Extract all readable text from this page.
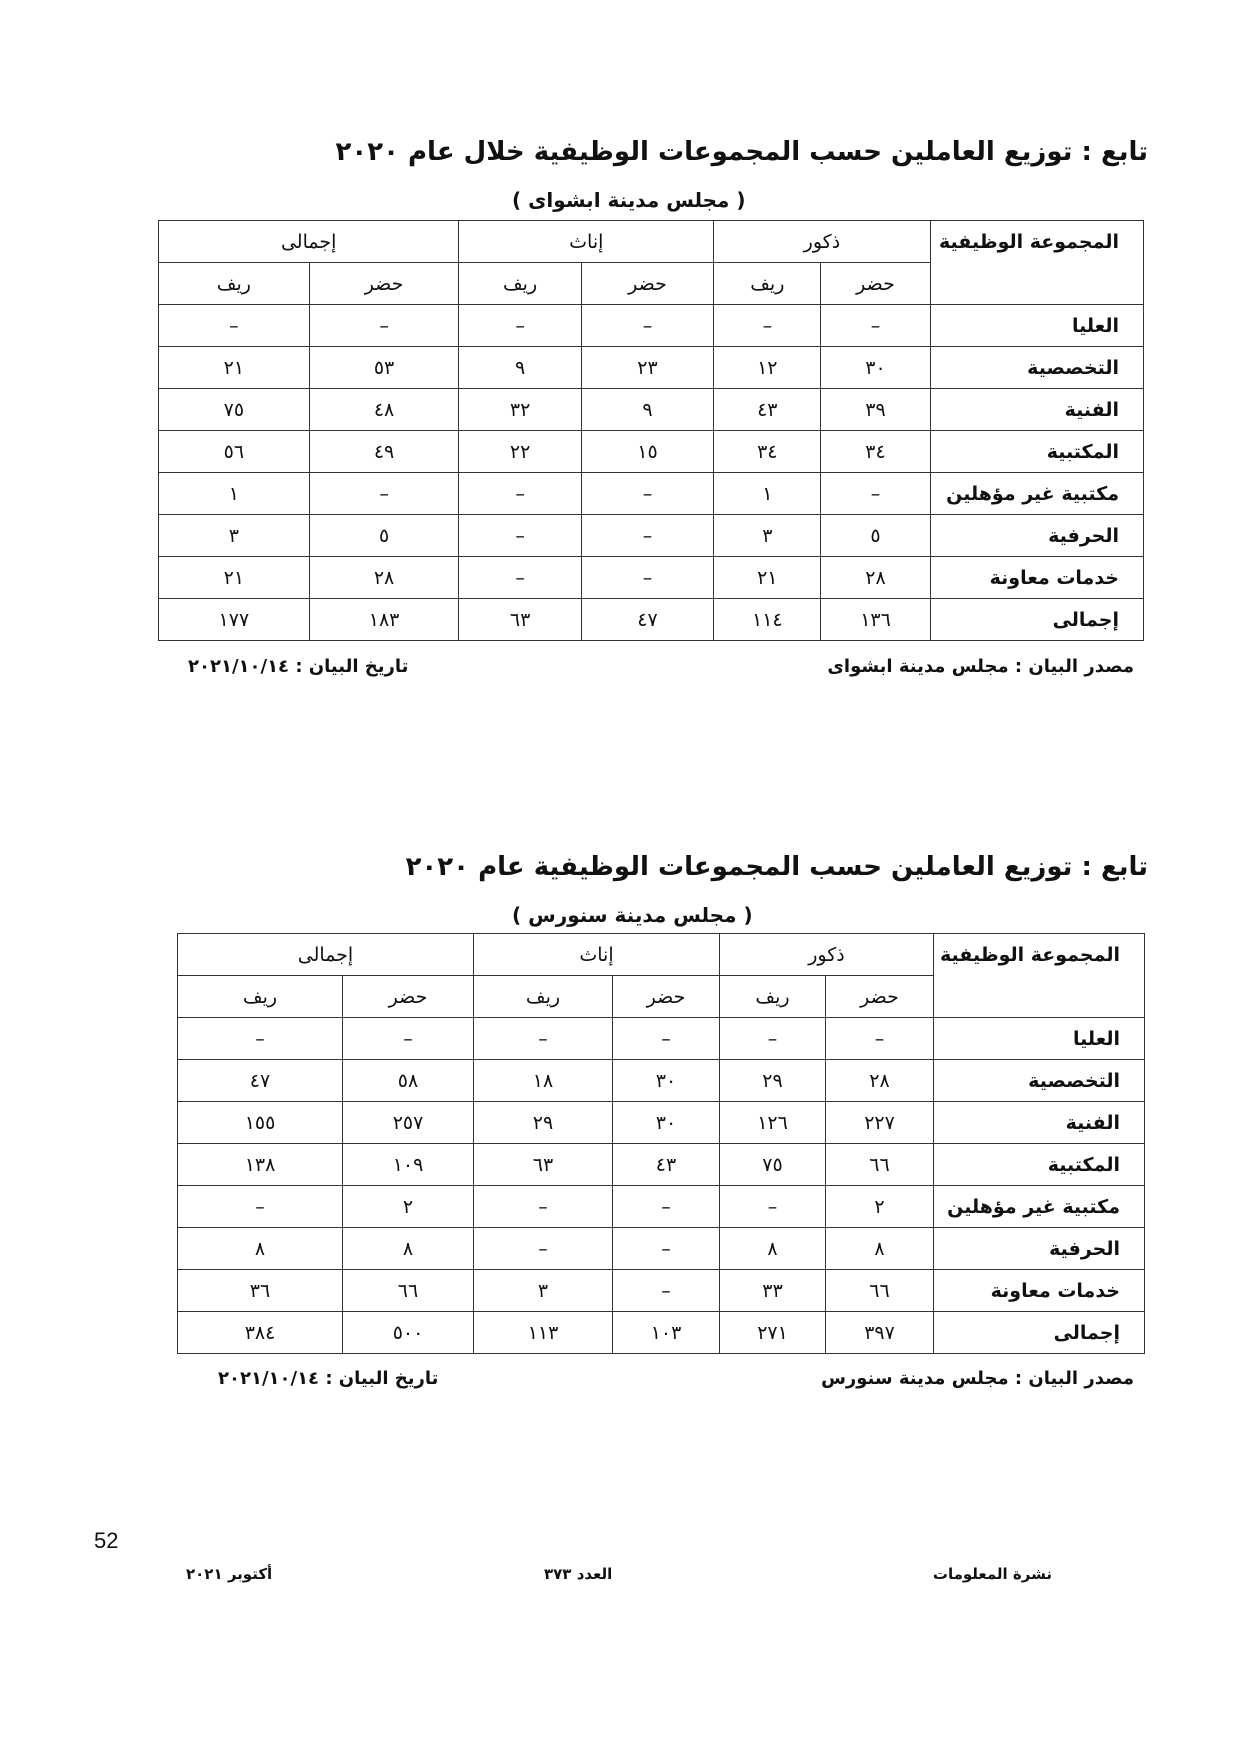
تابع : توزيع العاملين حسب المجموعات الوظيفية خلال عام ٢٠٢٠
( مجلس مدينة ابشواى )
المجموعة الوظيفية	ذكور		إناث		إجمالى	
	حضر	ريف	حضر	ريف	حضر	ريف
العليا	–	–	–	–	–	–
التخصصية	٣٠	١٢	٢٣	٩	٥٣	٢١
الفنية	٣٩	٤٣	٩	٣٢	٤٨	٧٥
المكتبية	٣٤	٣٤	١٥	٢٢	٤٩	٥٦
مكتبية غير مؤهلين	–	١	–	–	–	١
الحرفية	٥	٣	–	–	٥	٣
خدمات معاونة	٢٨	٢١	–	–	٢٨	٢١
إجمالى	١٣٦	١١٤	٤٧	٦٣	١٨٣	١٧٧
مصدر البيان : مجلس مدينة ابشواى
تاريخ البيان : ٢٠٢١/١٠/١٤
تابع : توزيع العاملين حسب المجموعات الوظيفية عام ٢٠٢٠
( مجلس مدينة سنورس )
المجموعة الوظيفية	ذكور		إناث		إجمالى	
	حضر	ريف	حضر	ريف	حضر	ريف
العليا	–	–	–	–	–	–
التخصصية	٢٨	٢٩	٣٠	١٨	٥٨	٤٧
الفنية	٢٢٧	١٢٦	٣٠	٢٩	٢٥٧	١٥٥
المكتبية	٦٦	٧٥	٤٣	٦٣	١٠٩	١٣٨
مكتبية غير مؤهلين	٢	–	–	–	٢	–
الحرفية	٨	٨	–	–	٨	٨
خدمات معاونة	٦٦	٣٣	–	٣	٦٦	٣٦
إجمالى	٣٩٧	٢٧١	١٠٣	١١٣	٥٠٠	٣٨٤
مصدر البيان : مجلس مدينة سنورس
تاريخ البيان : ٢٠٢١/١٠/١٤
52
نشرة المعلومات
العدد ٣٧٣
أكتوبر ٢٠٢١
